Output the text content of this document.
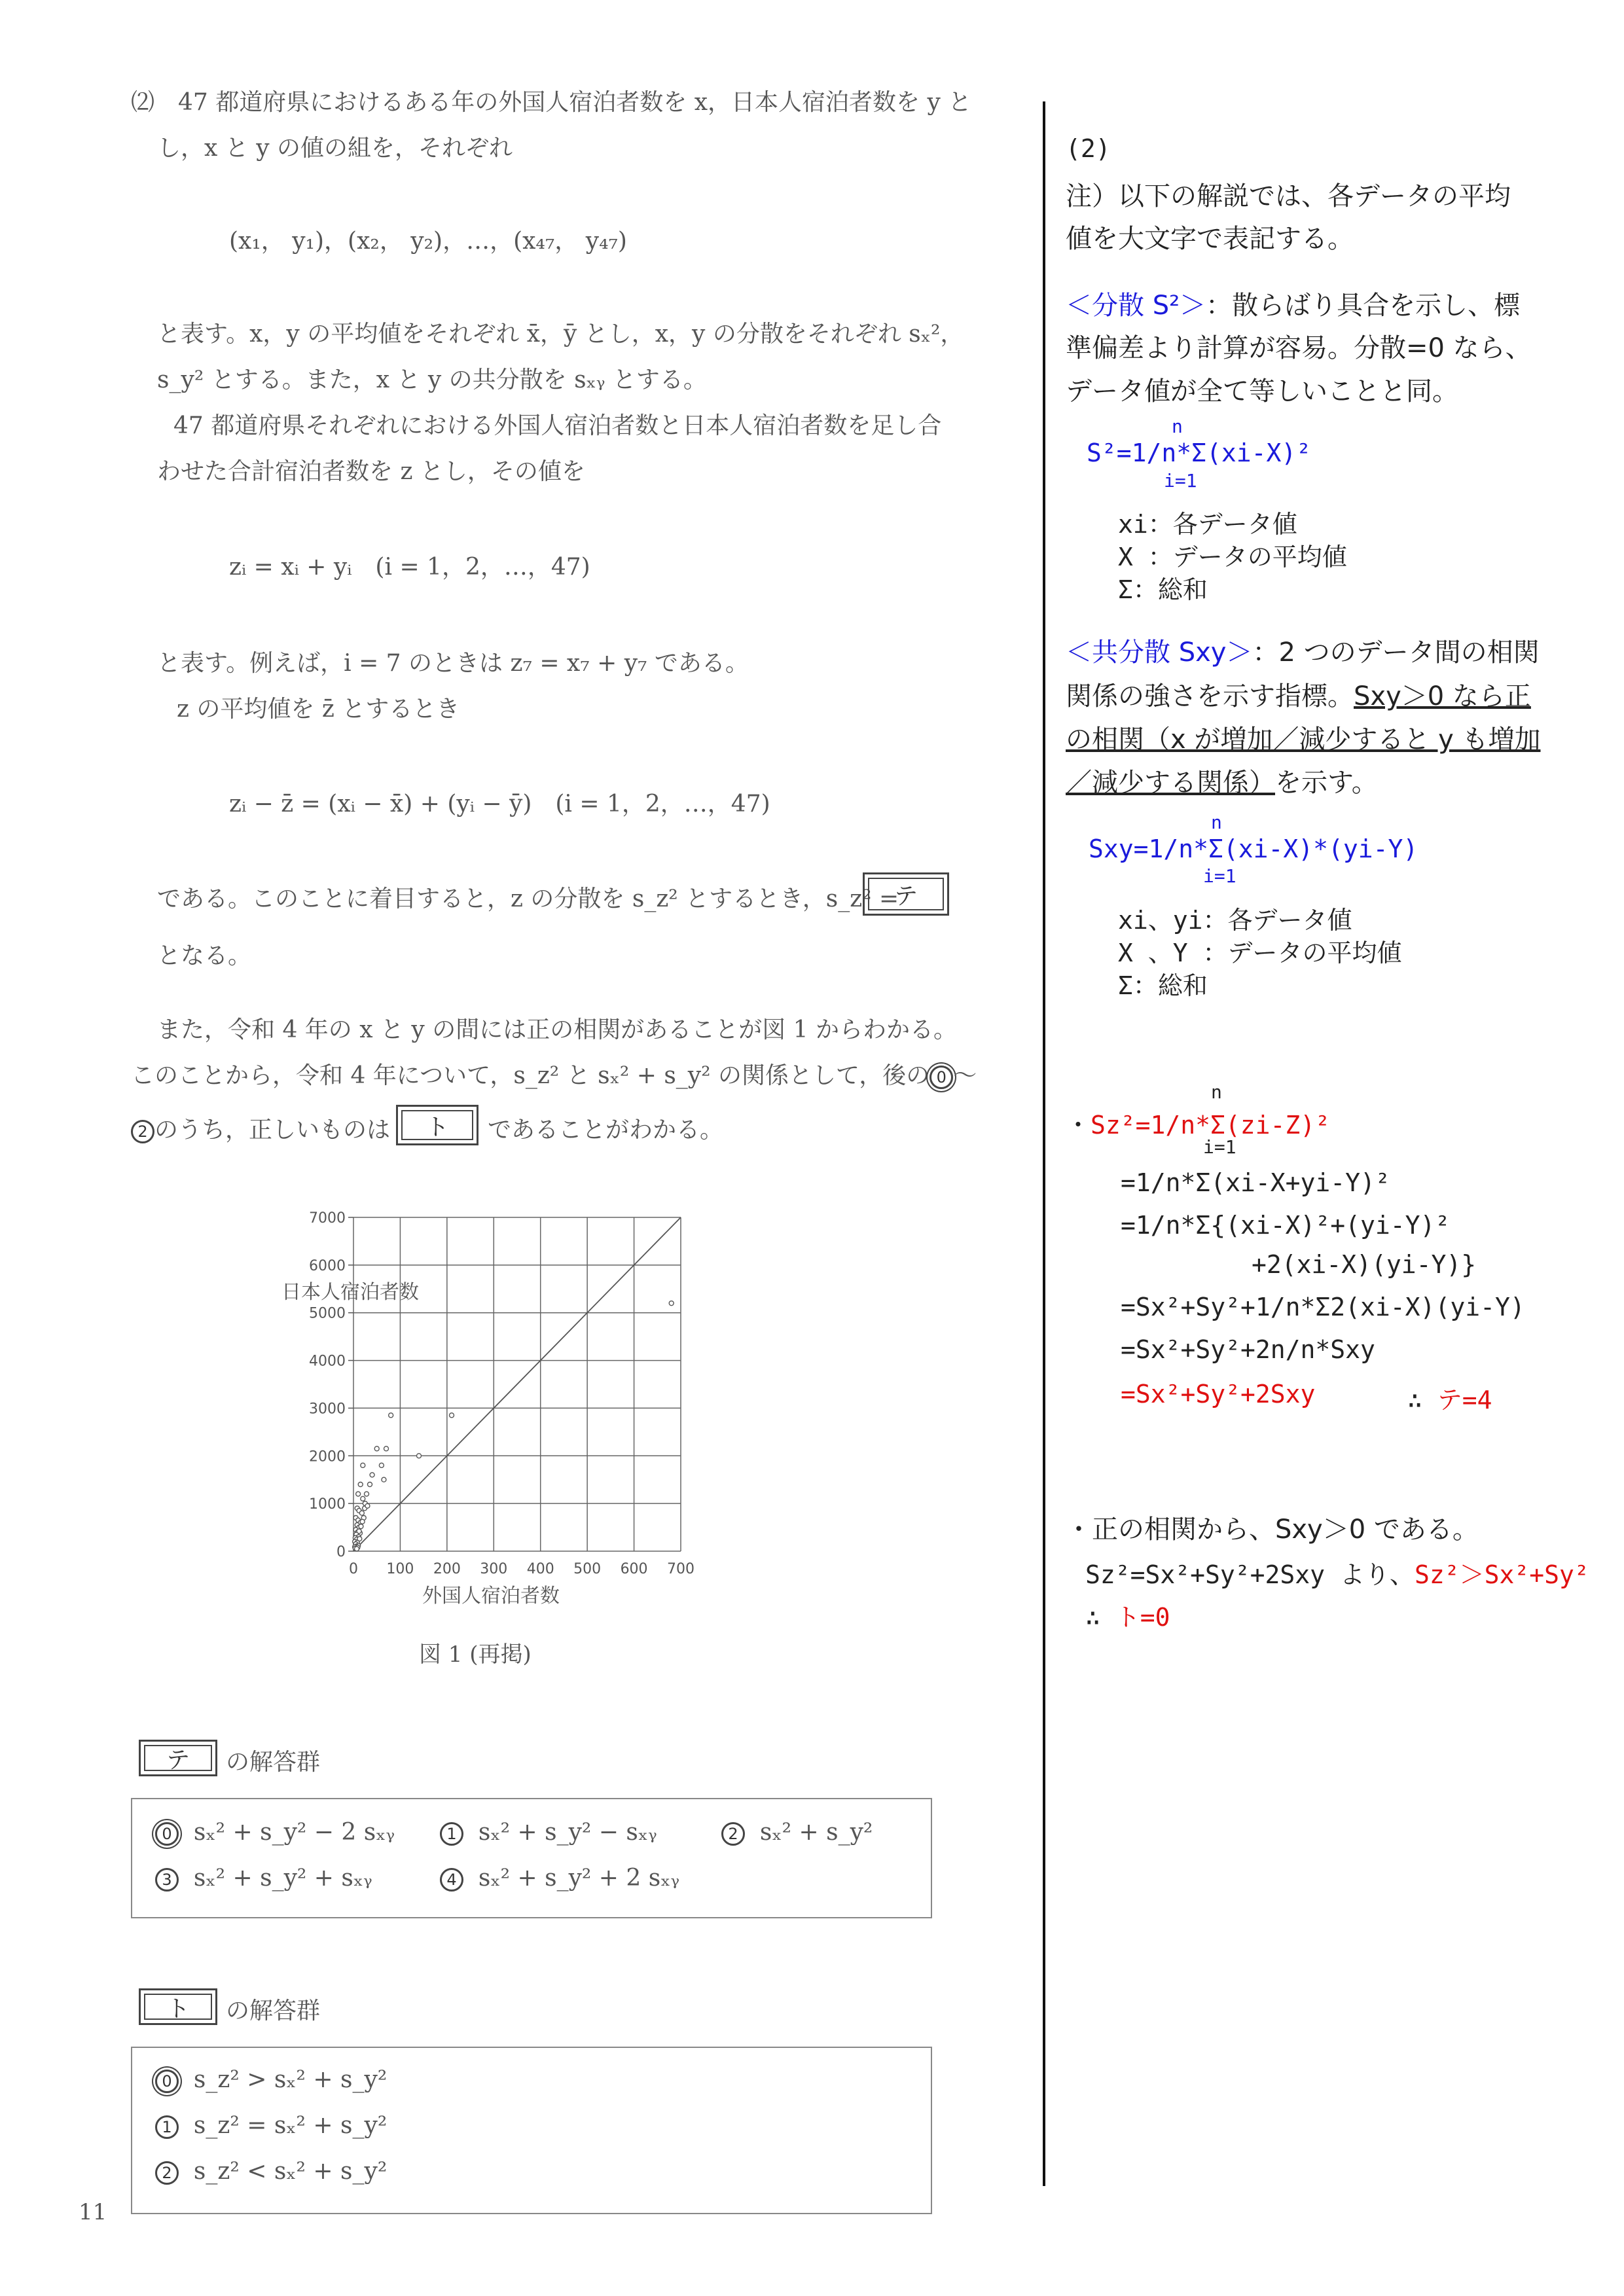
⑵　47 都道府県におけるある年の外国人宿泊者数を x，日本人宿泊者数を y と
し，x と y の値の組を，それぞれ
(x₁， y₁)，(x₂， y₂)，…，(x₄₇， y₄₇)
と表す。x，y の平均値をそれぞれ x̄，ȳ とし，x，y の分散をそれぞれ sₓ²，
s_y² とする。また，x と y の共分散を sₓᵧ とする。
47 都道府県それぞれにおける外国人宿泊者数と日本人宿泊者数を足し合
わせた合計宿泊者数を z とし，その値を
zᵢ = xᵢ + yᵢ　(i = 1，2，…，47)
と表す。例えば，i = 7 のときは z₇ = x₇ + y₇ である。
z の平均値を z̄ とするとき
zᵢ − z̄ = (xᵢ − x̄) + (yᵢ − ȳ)　(i = 1，2，…，47)
である。このことに着目すると，z の分散を s_z² とするとき，s_z² =
テ
となる。
また，令和 4 年の x と y の間には正の相関があることが図 1 からわかる。
このことから，令和 4 年について，s_z² と sₓ² + s_y² の関係として，後の 0 ～
2 のうち，正しいものは	ト	であることがわかる。
0 100 200 300 400 500 600 700
0
1000
2000
3000
4000
5000
6000
7000
日本人宿泊者数
外国人宿泊者数
図 1 (再掲)
テ	の解答群
0 sₓ² + s_y² − 2 sₓᵧ	1 sₓ² + s_y² − sₓᵧ	2 sₓ² + s_y²
3 sₓ² + s_y² + sₓᵧ	4 sₓ² + s_y² + 2 sₓᵧ
ト	の解答群
0 s_z² > sₓ² + s_y²
1 s_z² = sₓ² + s_y²
2 s_z² < sₓ² + s_y²
11
(2)
注）以下の解説では、各データの平均
値を大文字で表記する。
＜分散 S²＞：散らばり具合を示し、標
準偏差より計算が容易。分散=0 なら、
データ値が全て等しいことと同。
n
S²=1/n*Σ(xi-X)²
i=1
xi：各データ値
X ：データの平均値
Σ：総和
＜共分散 Sxy＞：2 つのデータ間の相関
関係の強さを示す指標。Sxy＞0 なら正
の相関（x が増加／減少すると y も増加
／減少する関係）を示す。
n
Sxy=1/n*Σ(xi-X)*(yi-Y)
i=1
xi、yi：各データ値
X 、Y ：データの平均値
Σ：総和
n
・Sz²=1/n*Σ(zi-Z)²
i=1
=1/n*Σ(xi-X+yi-Y)²
=1/n*Σ{(xi-X)²+(yi-Y)²
+2(xi-X)(yi-Y)}
=Sx²+Sy²+1/n*Σ2(xi-X)(yi-Y)
=Sx²+Sy²+2n/n*Sxy
=Sx²+Sy²+2Sxy	∴ テ=4
・正の相関から、Sxy＞0 である。
Sz²=Sx²+Sy²+2Sxy より、Sz²＞Sx²+Sy²
∴ ト=0
